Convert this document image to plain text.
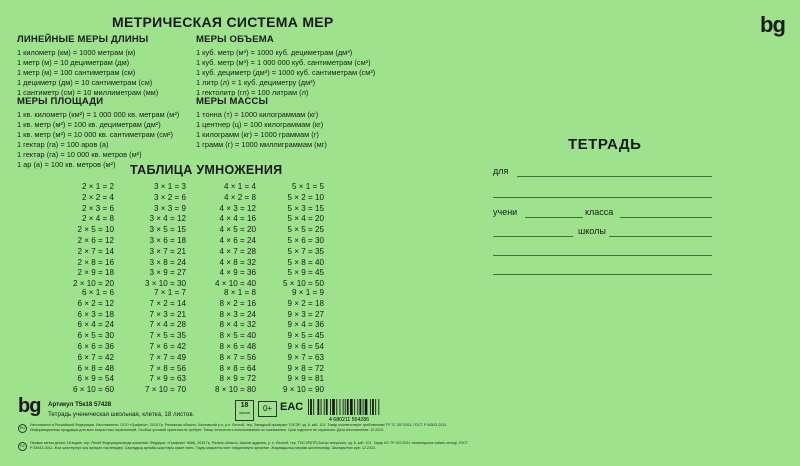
МЕТРИЧЕСКАЯ СИСТЕМА МЕР	bg
ЛИНЕЙНЫЕ МЕРЫ ДЛИНЫ
1 километр (км) = 1000 метрам (м)
1 метр (м) = 10 дециметрам (дм)
1 метр (м) = 100 сантиметрам (см)
1 дециметр (дм) = 10 сантиметрам (см)
1 сантиметр (см) = 10 миллиметрам (мм)
МЕРЫ ОБЪЕМА
1 куб. метр (м³) = 1000 куб. дециметрам (дм³)
1 куб. метр (м³) = 1 000 000 куб. сантиметрам (см³)
1 куб. дециметр (дм³) = 1000 куб. сантиметрам (см³)
1 литр (л) = 1 куб. дециметру (дм³)
1 гектолитр (гл) = 100 литрам (л)
МЕРЫ ПЛОЩАДИ
1 кв. километр (км²) = 1 000 000 кв. метрам (м²)
1 кв. метр (м²) = 100 кв. дециметрам (дм²)
1 кв. метр (м²) = 10 000 кв. сантиметрам (см²)
1 гектар (га) = 100 аров (а)
1 гектар (га) = 10 000 кв. метров (м²)
1 ар (а) = 100 кв. метров (м²)
МЕРЫ МАССЫ
1 тонна (т) = 1000 килограммам (кг)
1 центнер (ц) = 100 килограммам (кг)
1 килограмм (кг) = 1000 граммам (г)
1 грамм (г) = 1000 миллиграммам (мг)
ТАБЛИЦА УМНОЖЕНИЯ
2 × 1 = 2
2 × 2 = 4
2 × 3 = 6
2 × 4 = 8
2 × 5 = 10
2 × 6 = 12
2 × 7 = 14
2 × 8 = 16
2 × 9 = 18
2 × 10 = 20
3 × 1 = 3
3 × 2 = 6
3 × 3 = 9
3 × 4 = 12
3 × 5 = 15
3 × 6 = 18
3 × 7 = 21
3 × 8 = 24
3 × 9 = 27
3 × 10 = 30
4 × 1 = 4
4 × 2 = 8
4 × 3 = 12
4 × 4 = 16
4 × 5 = 20
4 × 6 = 24
4 × 7 = 28
4 × 8 = 32
4 × 9 = 36
4 × 10 = 40
5 × 1 = 5
5 × 2 = 10
5 × 3 = 15
5 × 4 = 20
5 × 5 = 25
5 × 6 = 30
5 × 7 = 35
5 × 8 = 40
5 × 9 = 45
5 × 10 = 50
6 × 1 = 6
6 × 2 = 12
6 × 3 = 18
6 × 4 = 24
6 × 5 = 30
6 × 6 = 36
6 × 7 = 42
6 × 8 = 48
6 × 9 = 54
6 × 10 = 60
7 × 1 = 7
7 × 2 = 14
7 × 3 = 21
7 × 4 = 28
7 × 5 = 35
7 × 6 = 42
7 × 7 = 49
7 × 8 = 56
7 × 9 = 63
7 × 10 = 70
8 × 1 = 8
8 × 2 = 16
8 × 3 = 24
8 × 4 = 32
8 × 5 = 40
8 × 6 = 48
8 × 7 = 56
8 × 8 = 64
8 × 9 = 72
8 × 10 = 80
9 × 1 = 9
9 × 2 = 18
9 × 3 = 27
9 × 4 = 36
9 × 5 = 45
9 × 6 = 54
9 × 7 = 63
9 × 8 = 72
9 × 9 = 81
9 × 10 = 90
ТЕТРАДЬ
для
учени	класса
школы
bg Артикул Т5к18 57428
Тетрадь ученическая школьная, клетка, 18 листов.
18
листов	0+ EAC
4 680211 554286
RU
Изготовлено в Российской Федерации. Изготовитель: ООО «Графика», 2015 Гр. Рязанская область, Шиловский р-н, р.п. Лесной, тер. Западный промузел ТОСЭР, зд. 6, каб. 101. Товар соответствует требованиям ТР ТС 007/2011, ГОСТ Р 54543-2011. Информационная продукция для всех возрастных ограничений. Особых условий хранения не требует. Товар относится к использованию по назначению. Срок годности не ограничен. Дата изготовления: 12.2023.
KZ
Первые метки детям; 18 видов, тер. Ресей Федерациясында жасалған. Өндіруші: «Графика» ЖШҚ. 2015 Гр. Рязань облысы, Шилов аудансы, р. п. Лесной, тер. ТОСЭР(ПП) Батыс өнеркәсіп, зд. 6, каб. 101. Тауар КО ТР 007/2011 талаптарына сәйкес келеді, ГОСТ Р 54543-2011. Жас шектеулері жоқ ақпарат тақ өнімдер. Сақтаудың арнайы шарттары қажет емес. Тауар мақсатты ниет пайдалануға арналған. Жарамдылық мерзімі шектелмейді. Шығарылған күні: 12.2023.
